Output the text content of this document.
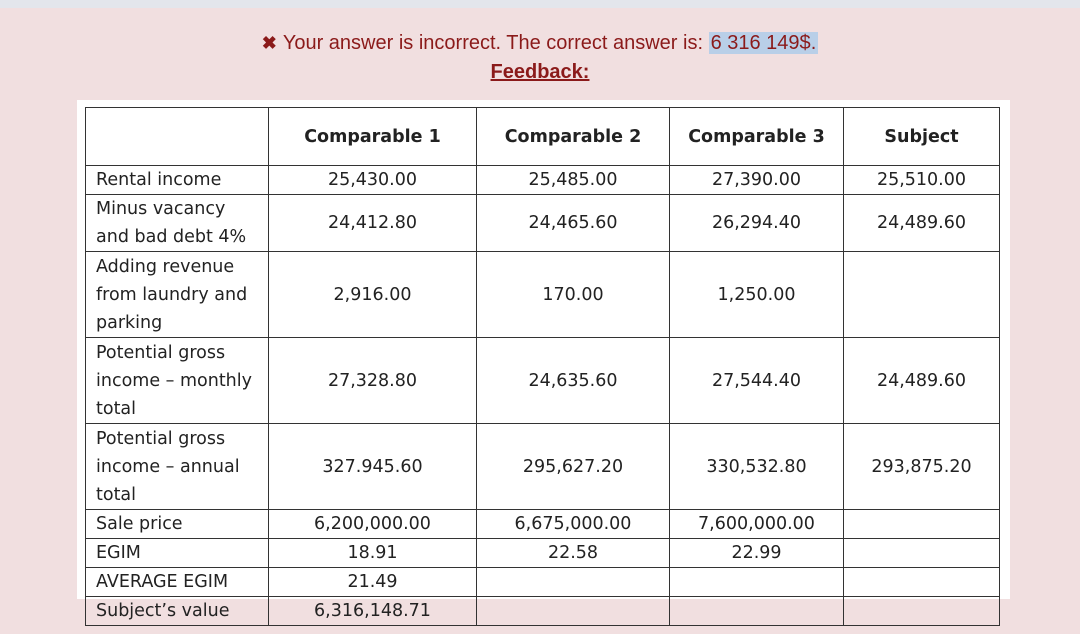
✖ Your answer is incorrect. The correct answer is: 6 316 149$.
Feedback:

	Comparable 1	Comparable 2	Comparable 3	Subject

Rental income	25,430.00	25,485.00	27,390.00	25,510.00
Minus vacancy and bad debt 4%	24,412.80	24,465.60	26,294.40	24,489.60
Adding revenue from laundry and parking	2,916.00	170.00	1,250.00	
Potential gross income – monthly total	27,328.80	24,635.60	27,544.40	24,489.60
Potential gross income – annual total	327.945.60	295,627.20	330,532.80	293,875.20
Sale price	6,200,000.00	6,675,000.00	7,600,000.00	
EGIM	18.91	22.58	22.99	
AVERAGE EGIM	21.49			
Subject’s value	6,316,148.71			
